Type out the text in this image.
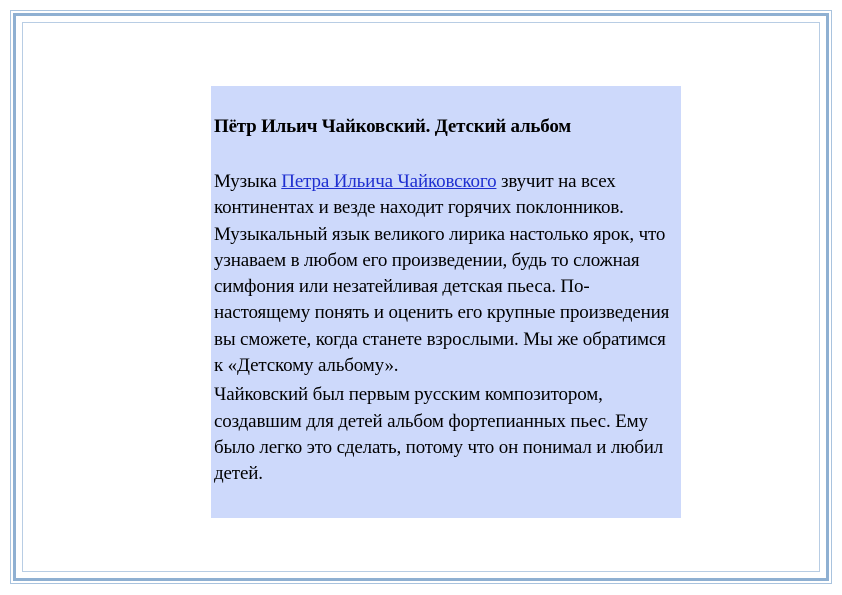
Пётр Ильич Чайковский. Детский альбом

Музыка Петра Ильича Чайковского звучит на всех континентах и везде находит горячих поклонников. Музыкальный язык великого лирика настолько ярок, что узнаваем в любом его произведении, будь то сложная симфония или незатейливая детская пьеса. По-настоящему понять и оценить его крупные произведения вы сможете, когда станете взрослыми. Мы же обратимся к «Детскому альбому».

Чайковский был первым русским композитором, создавшим для детей альбом фортепианных пьес. Ему было легко это сделать, потому что он понимал и любил детей.
